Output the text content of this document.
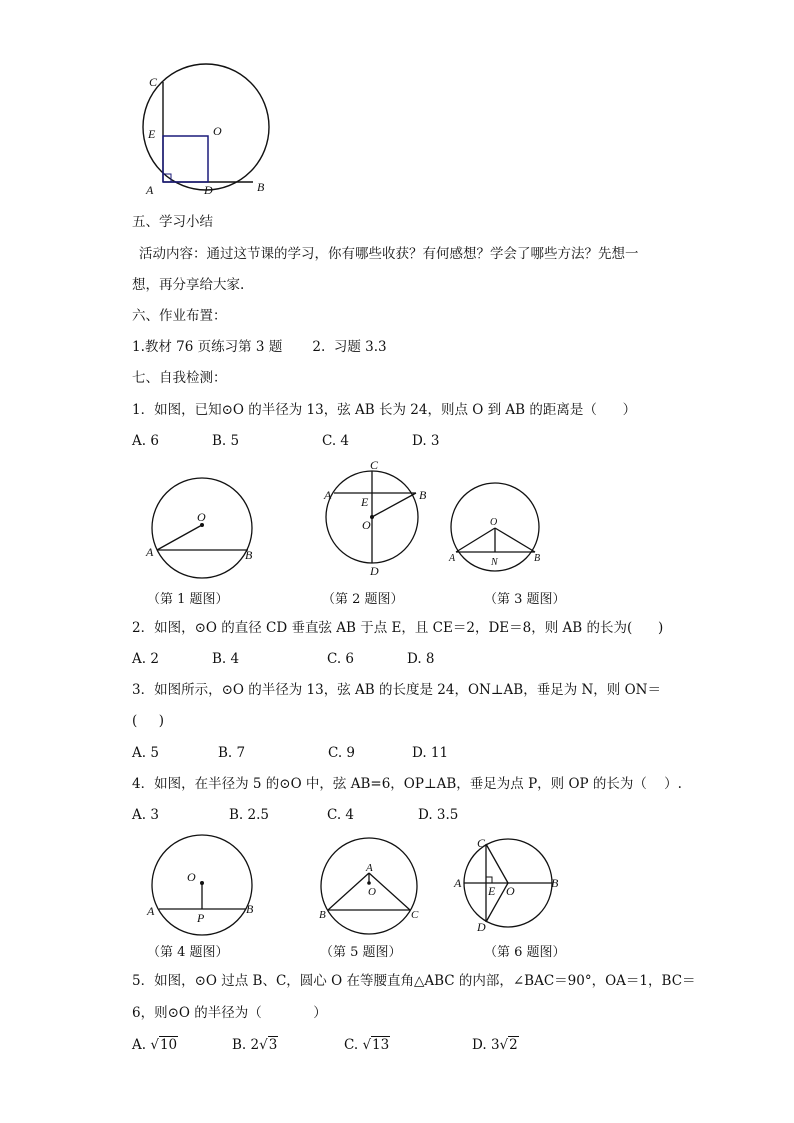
C
E	O
A	D	B
五、学习小结
活动内容：通过这节课的学习，你有哪些收获？有何感想？学会了哪些方法？先想一
想，再分享给大家.
六、作业布置：
1.教材 76 页练习第 3 题       2.  习题 3.3
七、自我检测：
1．如图，已知⊙O 的半径为 13，弦 AB 长为 24，则点 O 到 AB 的距离是（      ）
A. 6	B. 5	C. 4	D. 3
O
A	B
C
A E	B
O
D
O
A	N	B
（第 1 题图）	（第 2 题图）	（第 3 题图）
2．如图，⊙O 的直径 CD 垂直弦 AB 于点 E，且 CE＝2，DE＝8，则 AB 的长为(      )
A. 2	B. 4	C. 6	D. 8
3．如图所示，⊙O 的半径为 13，弦 AB 的长度是 24，ON⊥AB，垂足为 N，则 ON＝
(     )
A. 5	B. 7	C. 9	D. 11
4．如图，在半径为 5 的⊙O 中，弦 AB=6，OP⊥AB，垂足为点 P，则 OP 的长为（    ）.
A. 3	B. 2.5	C. 4	D. 3.5
O
A	P
B
A
O
B	C
C
A
E O
B
D
（第 4 题图）	（第 5 题图）	（第 6 题图）
5．如图，⊙O 过点 B、C，圆心 O 在等腰直角△ABC 的内部，∠BAC＝90°，OA＝1，BC＝
6，则⊙O 的半径为（            ）
A. √10	B. 2√3	C. √13	D. 3√2
